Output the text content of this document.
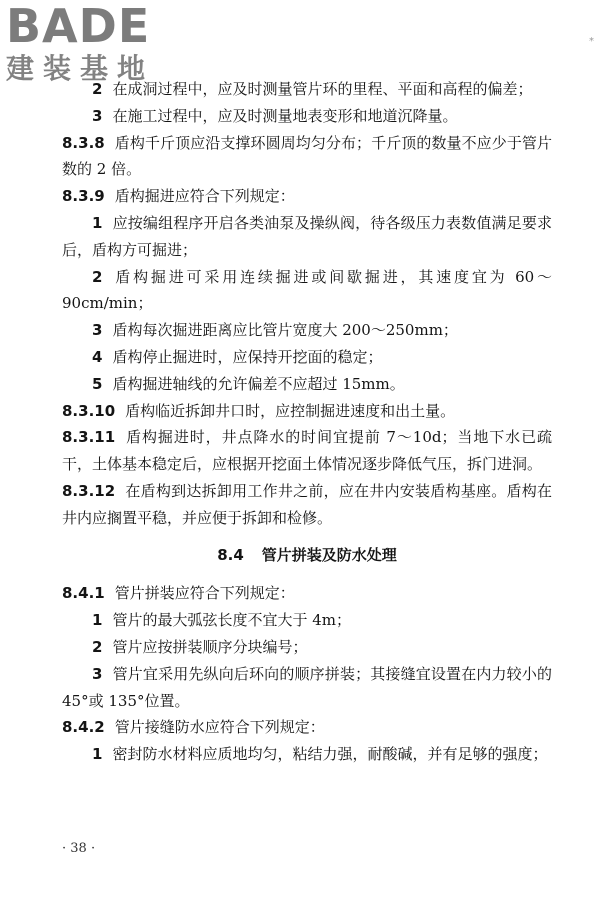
BADE
建装基地
*

2 在成洞过程中，应及时测量管片环的里程、平面和高程的偏差；

3 在施工过程中，应及时测量地表变形和地道沉降量。

8.3.8 盾构千斤顶应沿支撑环圆周均匀分布；千斤顶的数量不应少于管片数的 2 倍。

8.3.9 盾构掘进应符合下列规定：

1 应按编组程序开启各类油泵及操纵阀，待各级压力表数值满足要求后，盾构方可掘进；

2 盾构掘进可采用连续掘进或间歇掘进，其速度宜为 60～90cm/min；

3 盾构每次掘进距离应比管片宽度大 200～250mm；

4 盾构停止掘进时，应保持开挖面的稳定；

5 盾构掘进轴线的允许偏差不应超过 15mm。

8.3.10 盾构临近拆卸井口时，应控制掘进速度和出土量。

8.3.11 盾构掘进时，井点降水的时间宜提前 7～10d；当地下水已疏干，土体基本稳定后，应根据开挖面土体情况逐步降低气压，拆门进洞。

8.3.12 在盾构到达拆卸用工作井之前，应在井内安装盾构基座。盾构在井内应搁置平稳，并应便于拆卸和检修。

8.4 管片拼装及防水处理

8.4.1 管片拼装应符合下列规定：

1 管片的最大弧弦长度不宜大于 4m；

2 管片应按拼装顺序分块编号；

3 管片宜采用先纵向后环向的顺序拼装；其接缝宜设置在内力较小的 45°或 135°位置。

8.4.2 管片接缝防水应符合下列规定：

1 密封防水材料应质地均匀，粘结力强，耐酸碱，并有足够的强度；

· 38 ·
